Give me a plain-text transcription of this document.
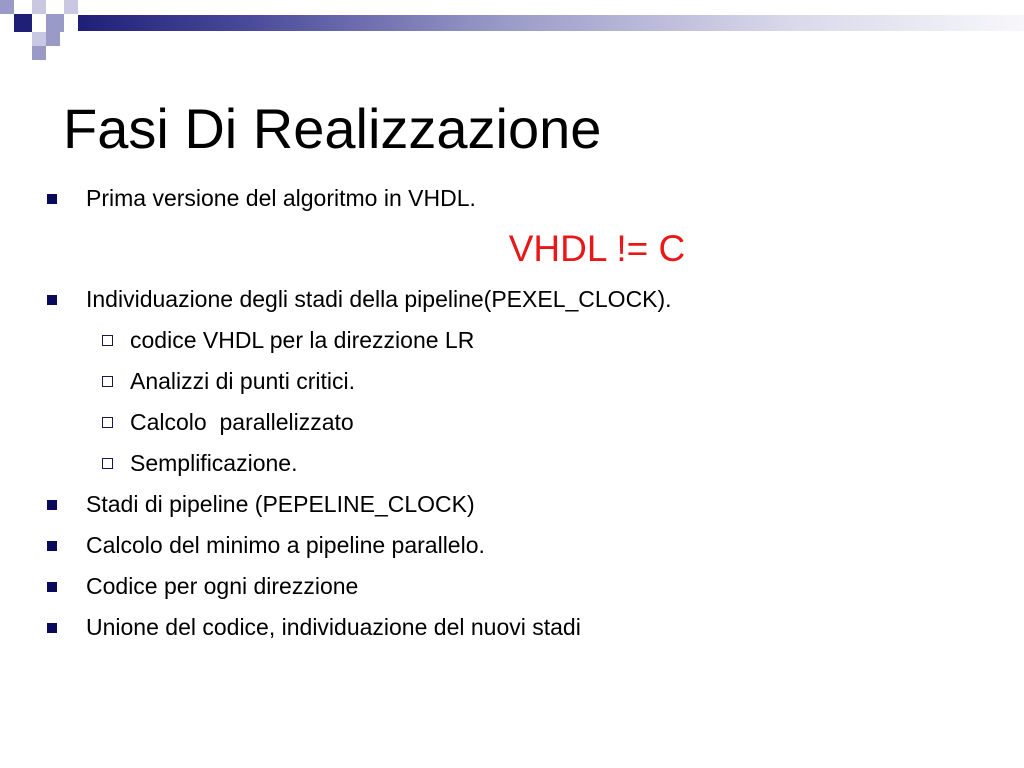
Fasi Di Realizzazione
Prima versione del algoritmo in VHDL.
VHDL != C
Individuazione degli stadi della pipeline(PEXEL_CLOCK).
codice VHDL per la direzzione LR
Analizzi di punti critici.
Calcolo  parallelizzato
Semplificazione.
Stadi di pipeline (PEPELINE_CLOCK)
Calcolo del minimo a pipeline parallelo.
Codice per ogni direzzione
Unione del codice, individuazione del nuovi stadi
